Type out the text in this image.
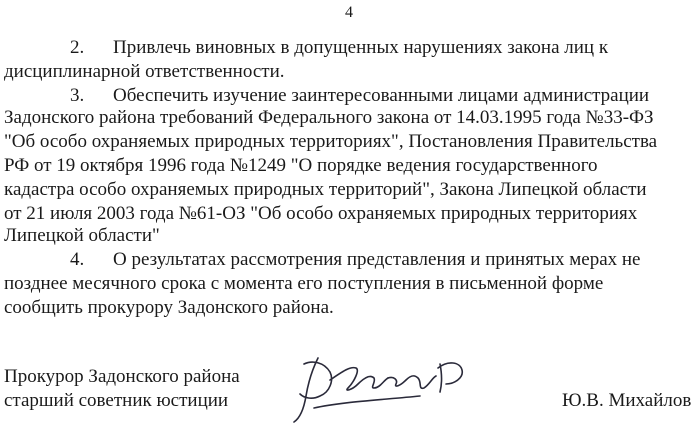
4
2. Привлечь виновных в допущенных нарушениях закона лиц к
дисциплинарной ответственности.
3. Обеспечить изучение заинтересованными лицами администрации
Задонского района требований Федерального закона от 14.03.1995 года №33-ФЗ
"Об особо охраняемых природных территориях", Постановления Правительства
РФ от 19 октября 1996 года №1249 "О порядке ведения государственного
кадастра особо охраняемых природных территорий", Закона Липецкой области
от 21 июля 2003 года №61-ОЗ "Об особо охраняемых природных территориях
Липецкой области"
4. О результатах рассмотрения представления и принятых мерах не
позднее месячного срока с момента его поступления в письменной форме
сообщить прокурору Задонского района.
Прокурор Задонского района
старший советник юстиции	Ю.В. Михайлов
